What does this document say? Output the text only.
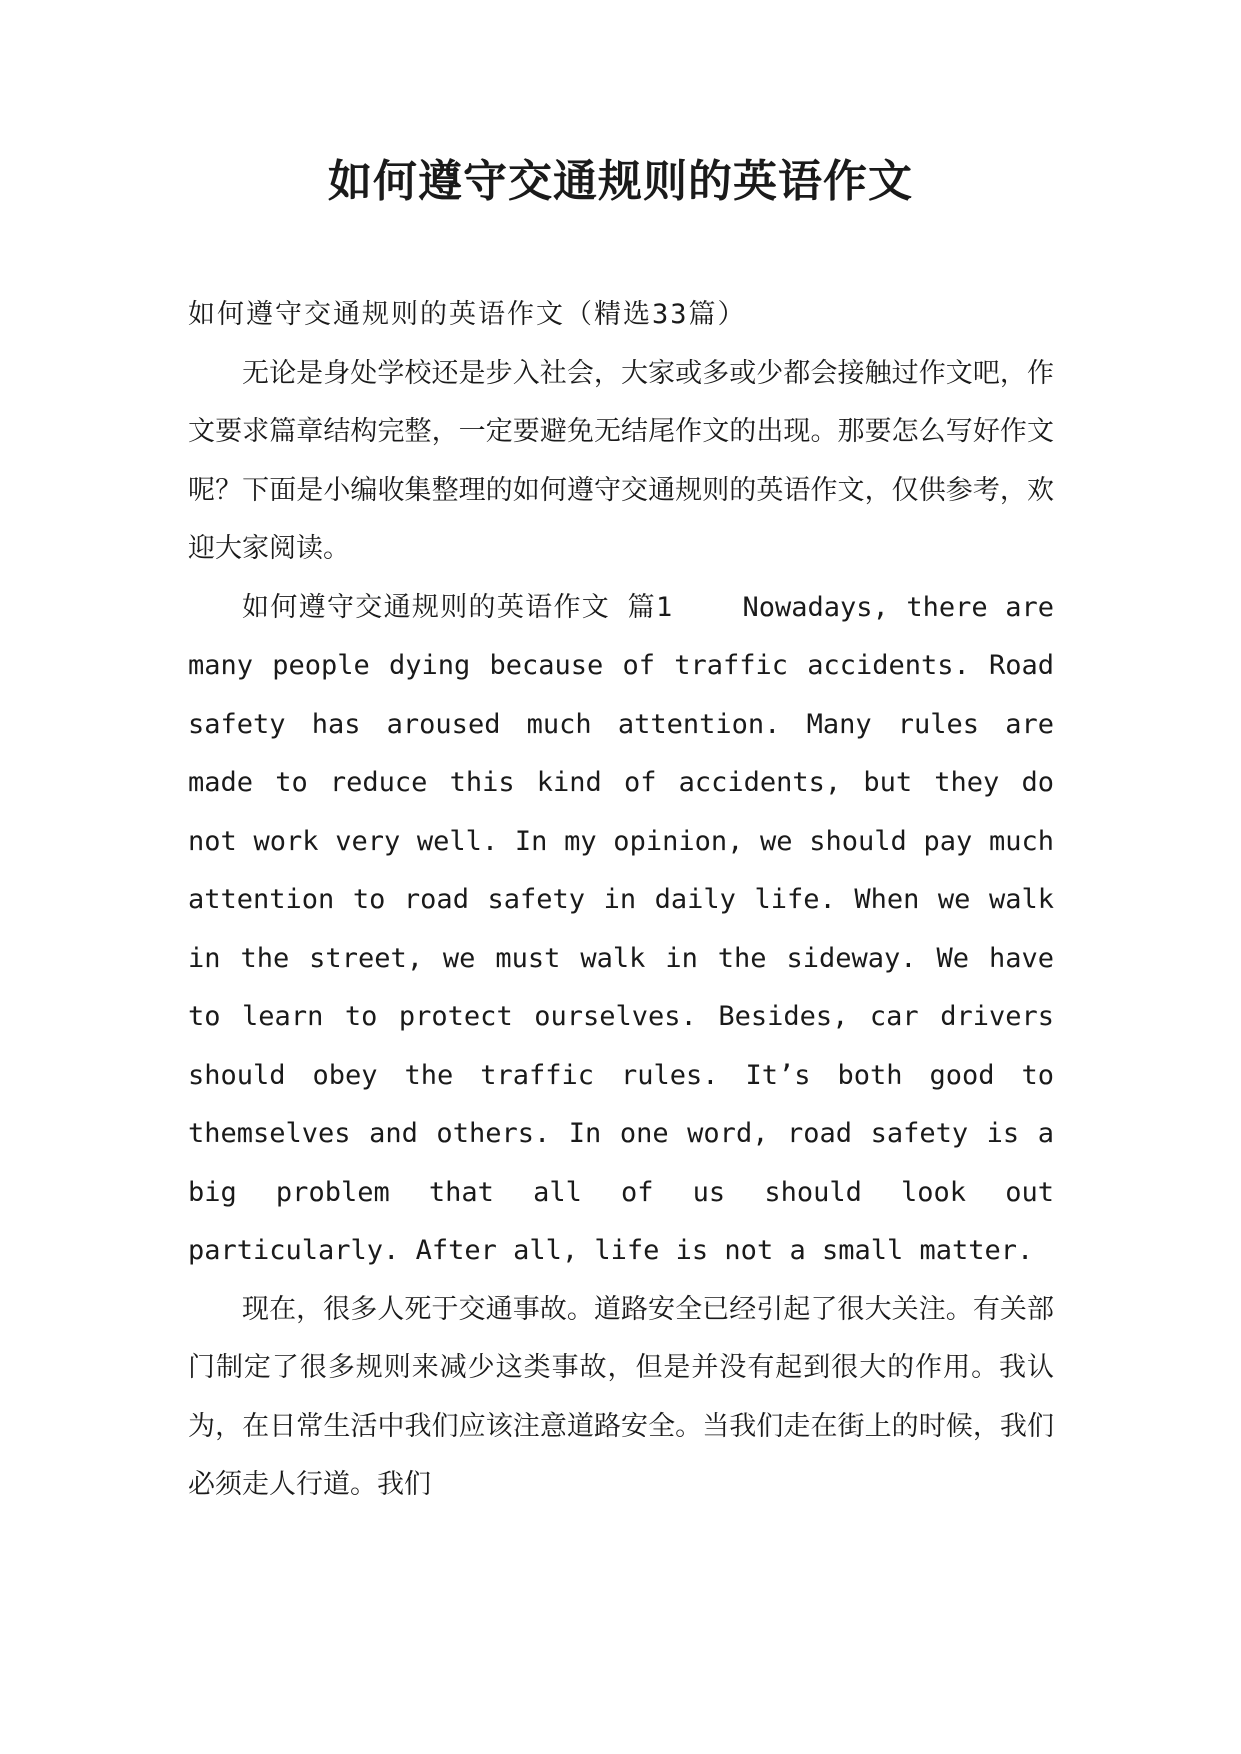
如何遵守交通规则的英语作文

如何遵守交通规则的英语作文（精选33篇）

无论是身处学校还是步入社会，大家或多或少都会接触过作文吧，作文要求篇章结构完整，一定要避免无结尾作文的出现。那要怎么写好作文呢？下面是小编收集整理的如何遵守交通规则的英语作文，仅供参考，欢迎大家阅读。

如何遵守交通规则的英语作文 篇1	Nowadays, there are many people dying because of traffic accidents. Road safety has aroused much attention. Many rules are made to reduce this kind of accidents, but they do not work very well. In my opinion, we should pay much attention to road safety in daily life. When we walk in the street, we must walk in the sideway. We have to learn to protect ourselves. Besides, car drivers should obey the traffic rules. It’s both good to themselves and others. In one word, road safety is a big problem that all of us should look out particularly. After all, life is not a small matter.

现在，很多人死于交通事故。道路安全已经引起了很大关注。有关部门制定了很多规则来减少这类事故，但是并没有起到很大的作用。我认为，在日常生活中我们应该注意道路安全。当我们走在街上的时候，我们必须走人行道。我们
